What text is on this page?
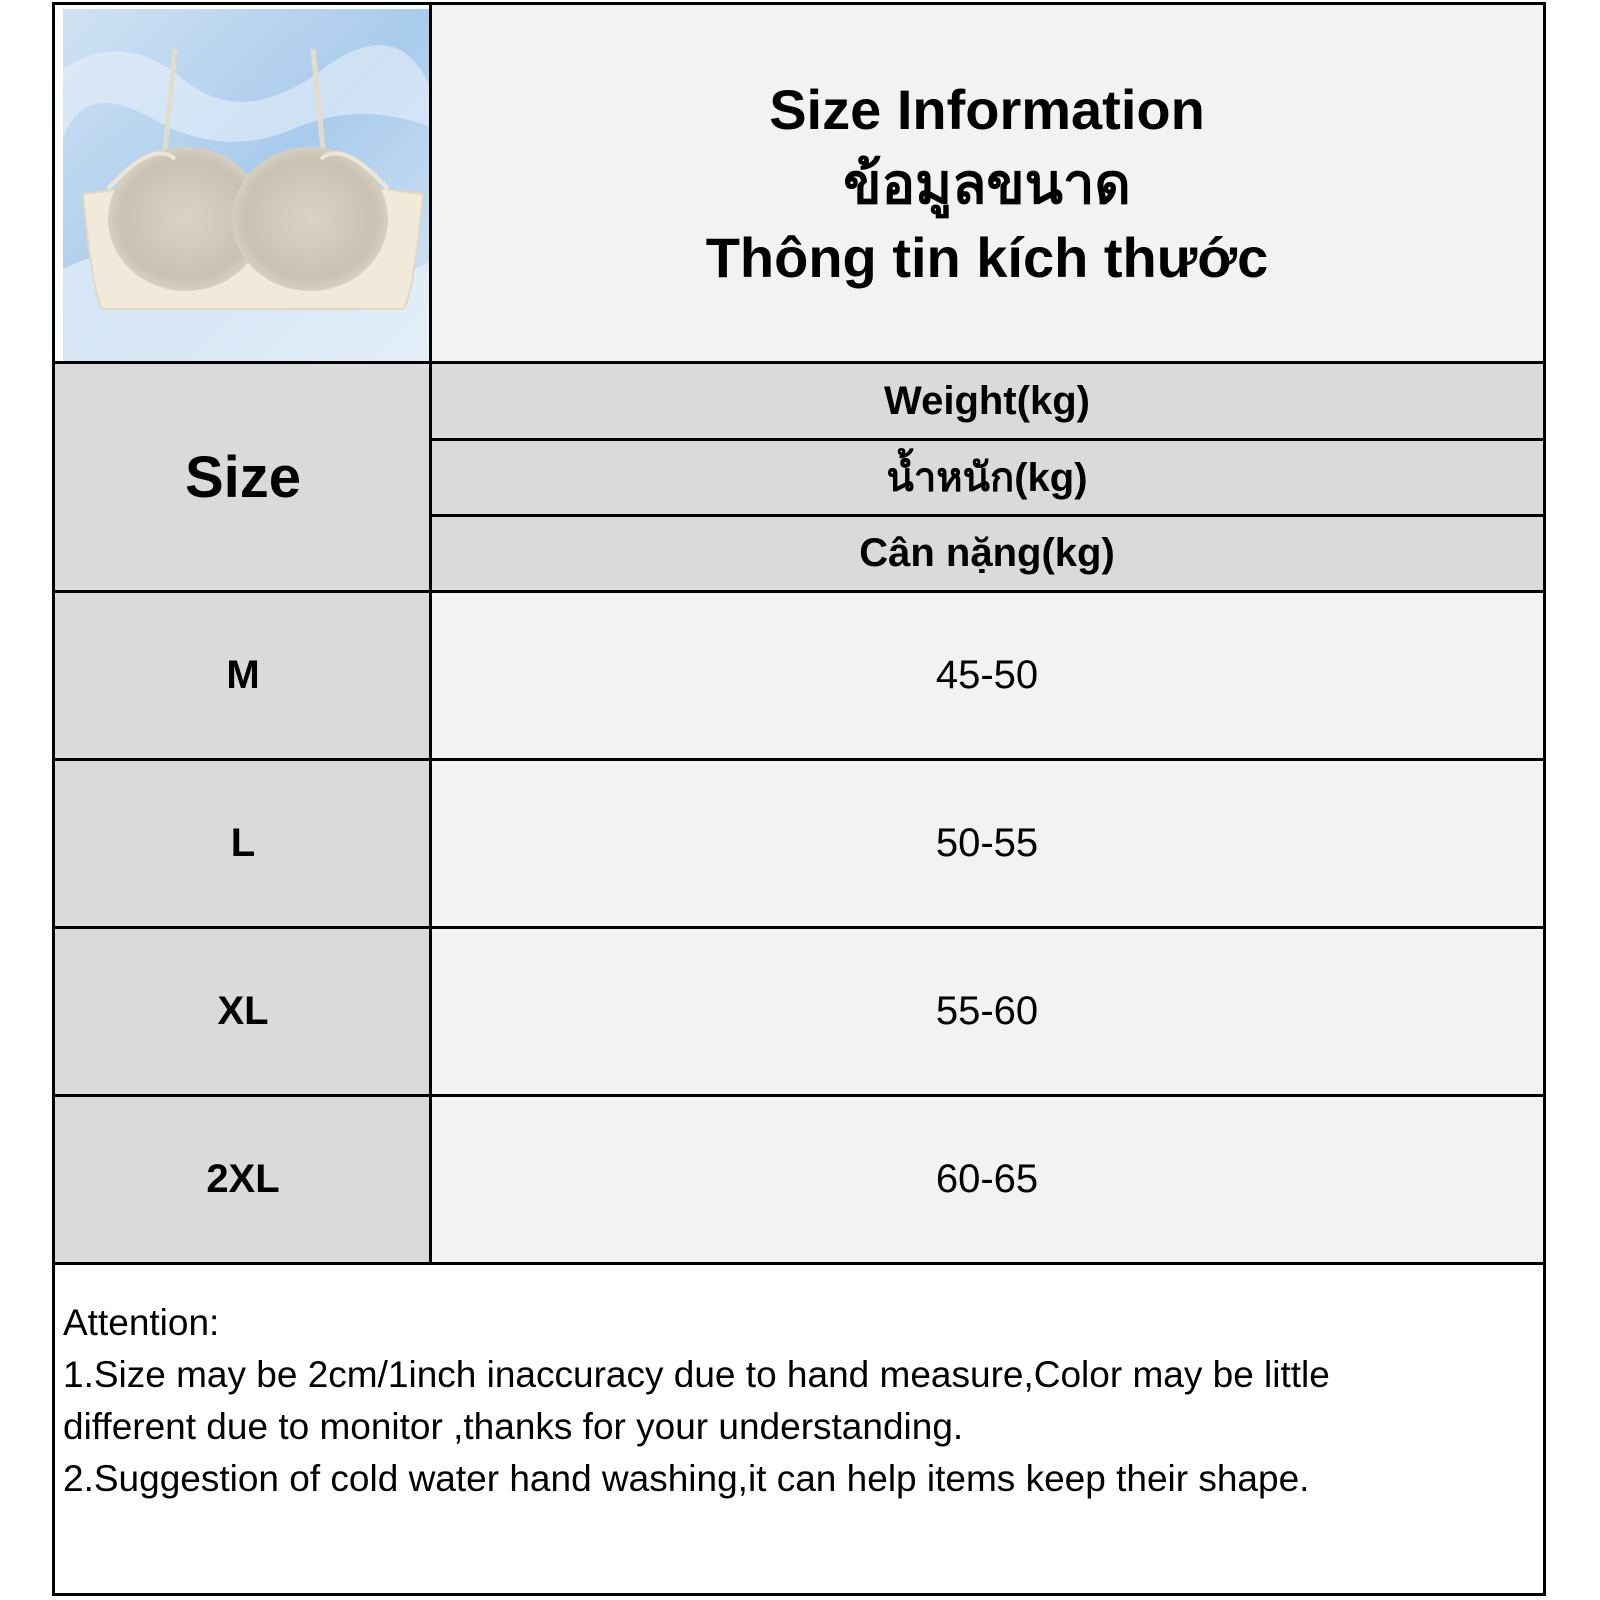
Size Information
ข้อมูลขนาด
Thông tin kích thước
Size
Weight(kg)
น้ำหนัก(kg)
Cân nặng(kg)
M	45-50
L	50-55
XL	55-60
2XL	60-65
Attention:
1.Size may be 2cm/1inch inaccuracy due to hand measure,Color may be little
different due to monitor ,thanks for your understanding.
2.Suggestion of cold water hand washing,it can help items keep their shape.
